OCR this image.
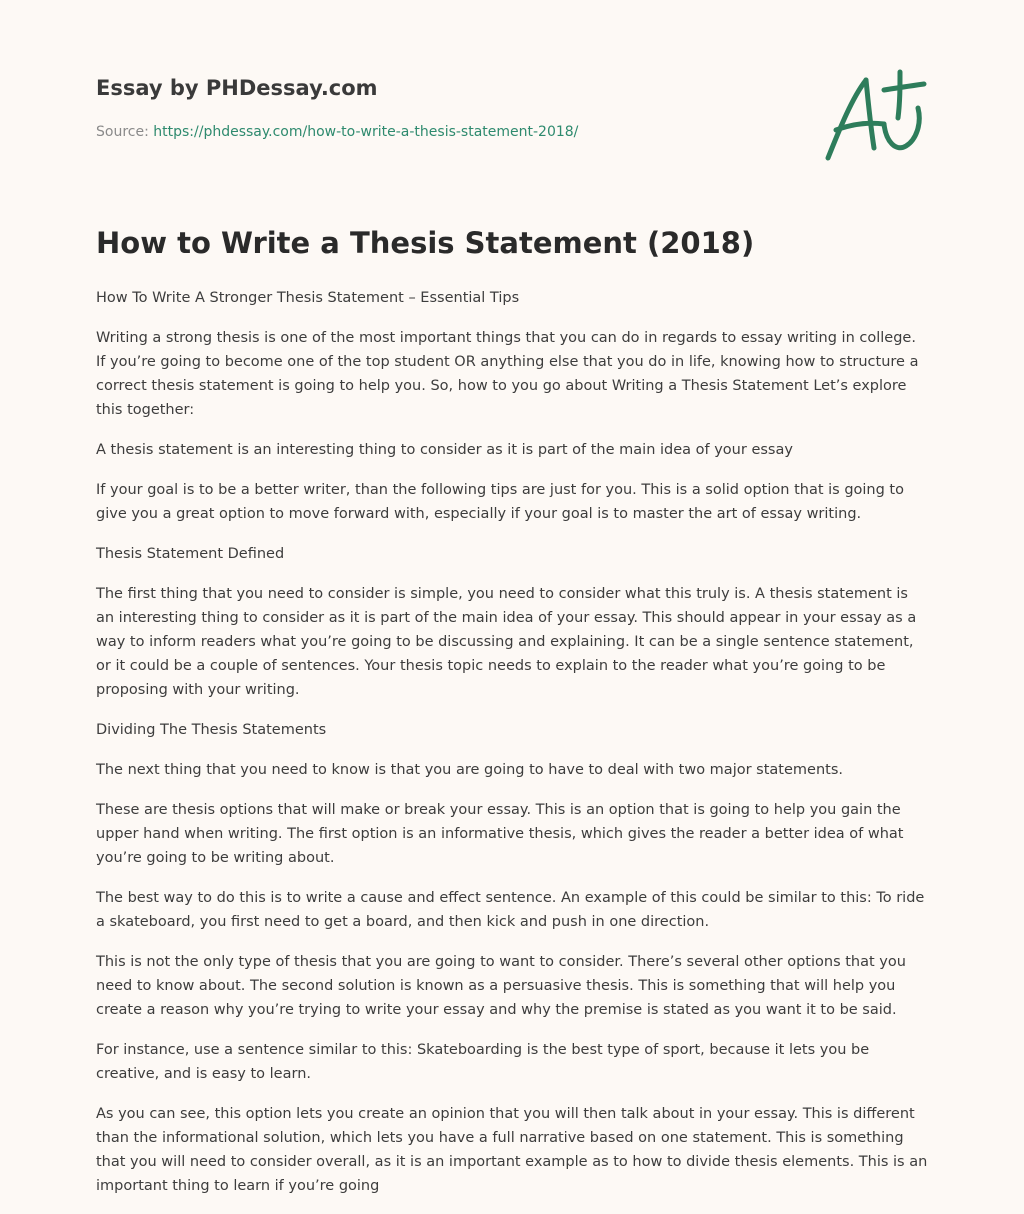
Essay by PHDessay.com
Source: https://phdessay.com/how-to-write-a-thesis-statement-2018/
How to Write a Thesis Statement (2018)

How To Write A Stronger Thesis Statement – Essential Tips

Writing a strong thesis is one of the most important things that you can do in regards to essay writing in college. If you’re going to become one of the top student OR anything else that you do in life, knowing how to structure a correct thesis statement is going to help you. So, how to you go about Writing a Thesis Statement Let’s explore this together:

A thesis statement is an interesting thing to consider as it is part of the main idea of your essay

If your goal is to be a better writer, than the following tips are just for you. This is a solid option that is going to give you a great option to move forward with, especially if your goal is to master the art of essay writing.

Thesis Statement Defined

The first thing that you need to consider is simple, you need to consider what this truly is. A thesis statement is an interesting thing to consider as it is part of the main idea of your essay. This should appear in your essay as a way to inform readers what you’re going to be discussing and explaining. It can be a single sentence statement, or it could be a couple of sentences. Your thesis topic needs to explain to the reader what you’re going to be proposing with your writing.

Dividing The Thesis Statements

The next thing that you need to know is that you are going to have to deal with two major statements.

These are thesis options that will make or break your essay. This is an option that is going to help you gain the upper hand when writing. The first option is an informative thesis, which gives the reader a better idea of what you’re going to be writing about.

The best way to do this is to write a cause and effect sentence. An example of this could be similar to this: To ride a skateboard, you first need to get a board, and then kick and push in one direction.

This is not the only type of thesis that you are going to want to consider. There’s several other options that you need to know about. The second solution is known as a persuasive thesis. This is something that will help you create a reason why you’re trying to write your essay and why the premise is stated as you want it to be said.

For instance, use a sentence similar to this: Skateboarding is the best type of sport, because it lets you be creative, and is easy to learn.

As you can see, this option lets you create an opinion that you will then talk about in your essay. This is different than the informational solution, which lets you have a full narrative based on one statement. This is something that you will need to consider overall, as it is an important example as to how to divide thesis elements. This is an important thing to learn if you’re going
